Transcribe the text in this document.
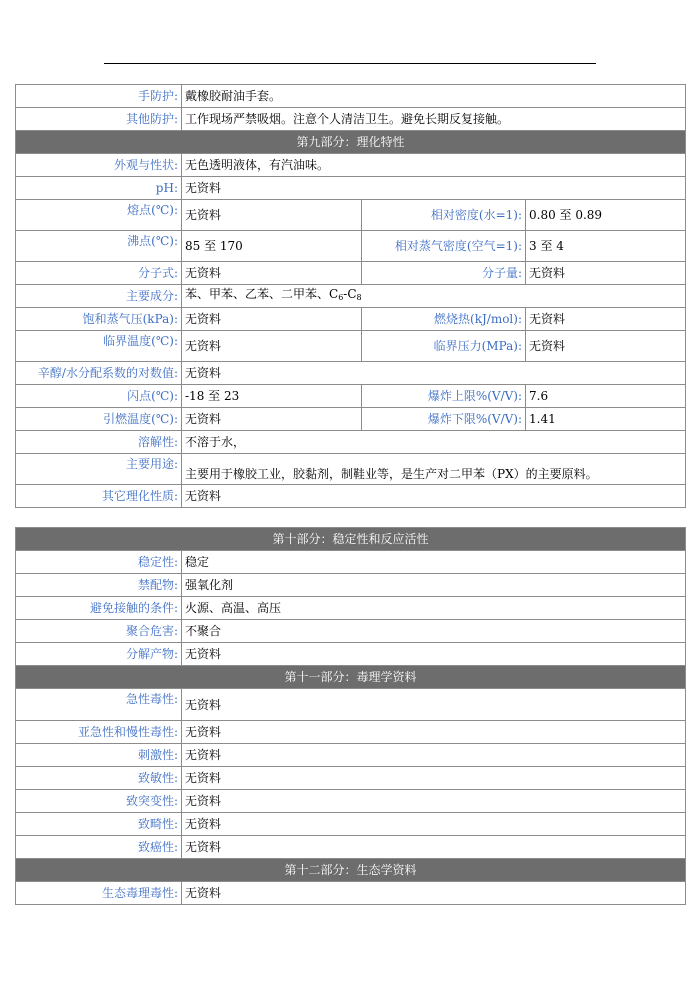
手防护:	戴橡胶耐油手套。		
其他防护:	工作现场严禁吸烟。注意个人清洁卫生。避免长期反复接触。		
第九部分：理化特性			
外观与性状:	无色透明液体，有汽油味。		
pH:	无资料		
熔点(℃):	无资料	相对密度(水=1):	0.80 至 0.89
沸点(℃):	85 至 170	相对蒸气密度(空气=1):	3 至 4
分子式:	无资料	分子量:	无资料
主要成分:	苯、甲苯、乙苯、二甲苯、$C_6-C_8$
饱和蒸气压(kPa):	无资料	燃烧热(kJ/mol):	无资料
临界温度(℃):	无资料	临界压力(MPa):	无资料
辛醇/水分配系数的对数值:	无资料		
闪点(℃):	-18 至 23	爆炸上限%(V/V):	7.6
引燃温度(℃):	无资料	爆炸下限%(V/V):	1.41
溶解性:	不溶于水，		
主要用途:	主要用于橡胶工业，胶黏剂，制鞋业等，是生产对二甲苯（PX）的主要原料。		
其它理化性质:	无资料		
第十部分：稳定性和反应活性	
稳定性:	稳定
禁配物:	强氧化剂
避免接触的条件:	火源、高温、高压
聚合危害:	不聚合
分解产物:	无资料
第十一部分：毒理学资料	
急性毒性:	无资料
亚急性和慢性毒性:	无资料
刺激性:	无资料
致敏性:	无资料
致突变性:	无资料
致畸性:	无资料
致癌性:	无资料
第十二部分：生态学资料	
生态毒理毒性:	无资料
